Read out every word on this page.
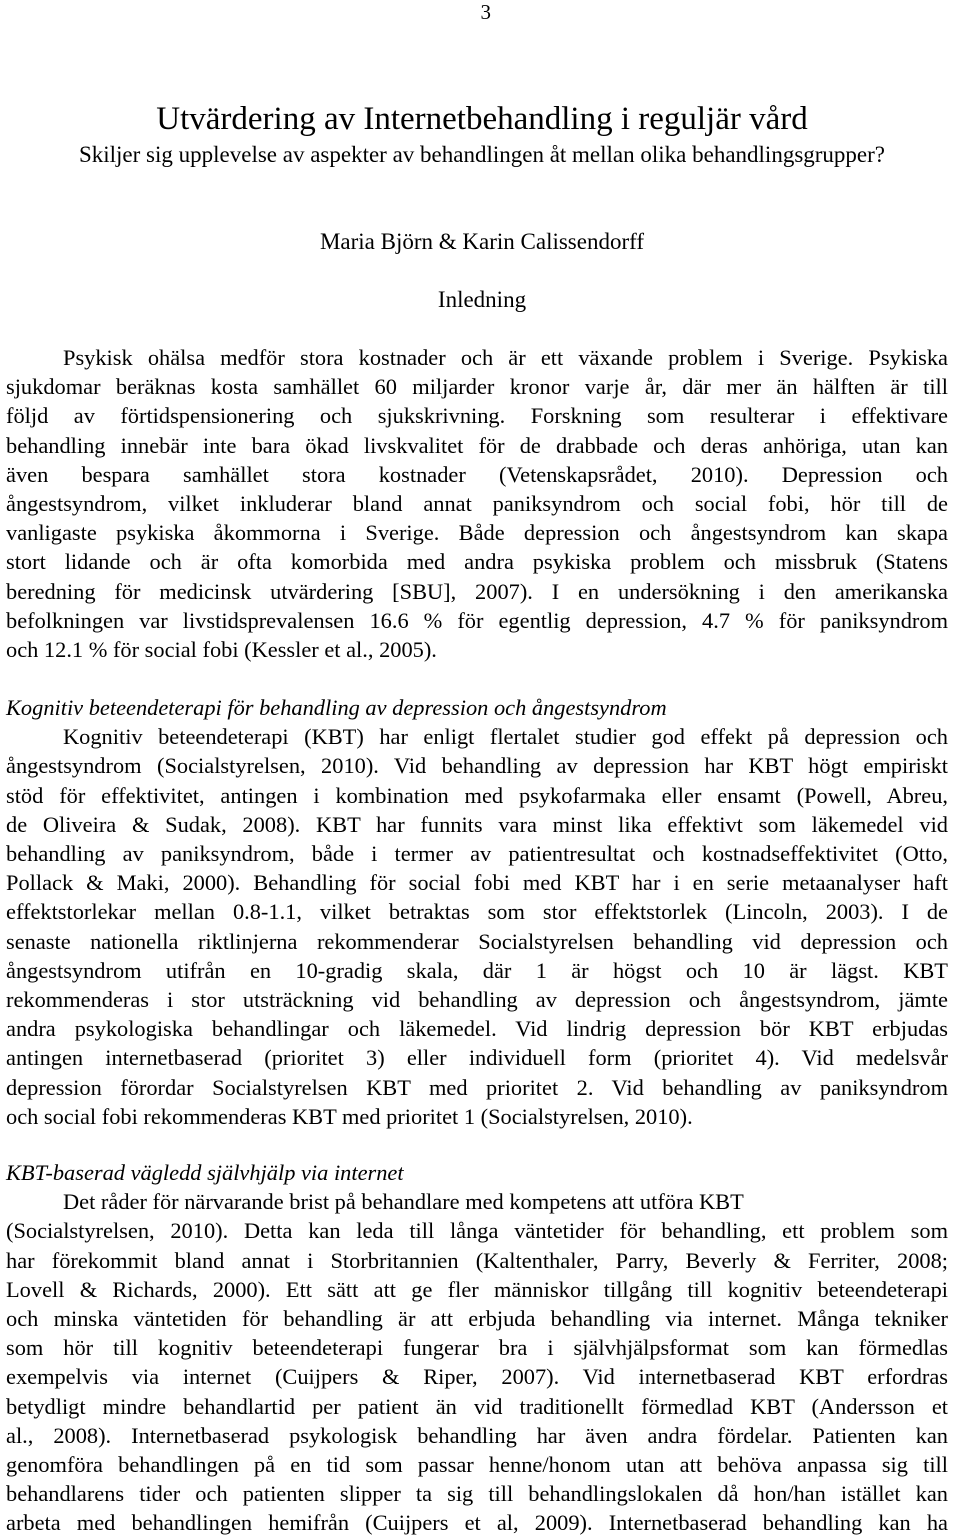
3
Utvärdering av Internetbehandling i reguljär vård
Skiljer sig upplevelse av aspekter av behandlingen åt mellan olika behandlingsgrupper?
Maria Björn & Karin Calissendorff
Inledning
Psykisk ohälsa medför stora kostnader och är ett växande problem i Sverige. Psykiska
sjukdomar beräknas kosta samhället 60 miljarder kronor varje år, där mer än hälften är till
följd av förtidspensionering och sjukskrivning. Forskning som resulterar i effektivare
behandling innebär inte bara ökad livskvalitet för de drabbade och deras anhöriga, utan kan
även bespara samhället stora kostnader (Vetenskapsrådet, 2010). Depression och
ångestsyndrom, vilket inkluderar bland annat paniksyndrom och social fobi, hör till de
vanligaste psykiska åkommorna i Sverige. Både depression och ångestsyndrom kan skapa
stort lidande och är ofta komorbida med andra psykiska problem och missbruk (Statens
beredning för medicinsk utvärdering [SBU], 2007). I en undersökning i den amerikanska
befolkningen var livstidsprevalensen 16.6 % för egentlig depression, 4.7 % för paniksyndrom
och 12.1 % för social fobi (Kessler et al., 2005).
Kognitiv beteendeterapi för behandling av depression och ångestsyndrom
Kognitiv beteendeterapi (KBT) har enligt flertalet studier god effekt på depression och
ångestsyndrom (Socialstyrelsen, 2010). Vid behandling av depression har KBT högt empiriskt
stöd för effektivitet, antingen i kombination med psykofarmaka eller ensamt (Powell, Abreu,
de Oliveira & Sudak, 2008). KBT har funnits vara minst lika effektivt som läkemedel vid
behandling av paniksyndrom, både i termer av patientresultat och kostnadseffektivitet (Otto,
Pollack & Maki, 2000). Behandling för social fobi med KBT har i en serie metaanalyser haft
effektstorlekar mellan 0.8-1.1, vilket betraktas som stor effektstorlek (Lincoln, 2003). I de
senaste nationella riktlinjerna rekommenderar Socialstyrelsen behandling vid depression och
ångestsyndrom utifrån en 10-gradig skala, där 1 är högst och 10 är lägst. KBT
rekommenderas i stor utsträckning vid behandling av depression och ångestsyndrom, jämte
andra psykologiska behandlingar och läkemedel. Vid lindrig depression bör KBT erbjudas
antingen internetbaserad (prioritet 3) eller individuell form (prioritet 4). Vid medelsvår
depression förordar Socialstyrelsen KBT med prioritet 2. Vid behandling av paniksyndrom
och social fobi rekommenderas KBT med prioritet 1 (Socialstyrelsen, 2010).
KBT-baserad vägledd självhjälp via internet
Det råder för närvarande brist på behandlare med kompetens att utföra KBT
(Socialstyrelsen, 2010). Detta kan leda till långa väntetider för behandling, ett problem som
har förekommit bland annat i Storbritannien (Kaltenthaler, Parry, Beverly & Ferriter, 2008;
Lovell & Richards, 2000). Ett sätt att ge fler människor tillgång till kognitiv beteendeterapi
och minska väntetiden för behandling är att erbjuda behandling via internet. Många tekniker
som hör till kognitiv beteendeterapi fungerar bra i självhjälpsformat som kan förmedlas
exempelvis via internet (Cuijpers & Riper, 2007). Vid internetbaserad KBT erfordras
betydligt mindre behandlartid per patient än vid traditionellt förmedlad KBT (Andersson et
al., 2008). Internetbaserad psykologisk behandling har även andra fördelar. Patienten kan
genomföra behandlingen på en tid som passar henne/honom utan att behöva anpassa sig till
behandlarens tider och patienten slipper ta sig till behandlingslokalen då hon/han istället kan
arbeta med behandlingen hemifrån (Cuijpers et al, 2009). Internetbaserad behandling kan ha
